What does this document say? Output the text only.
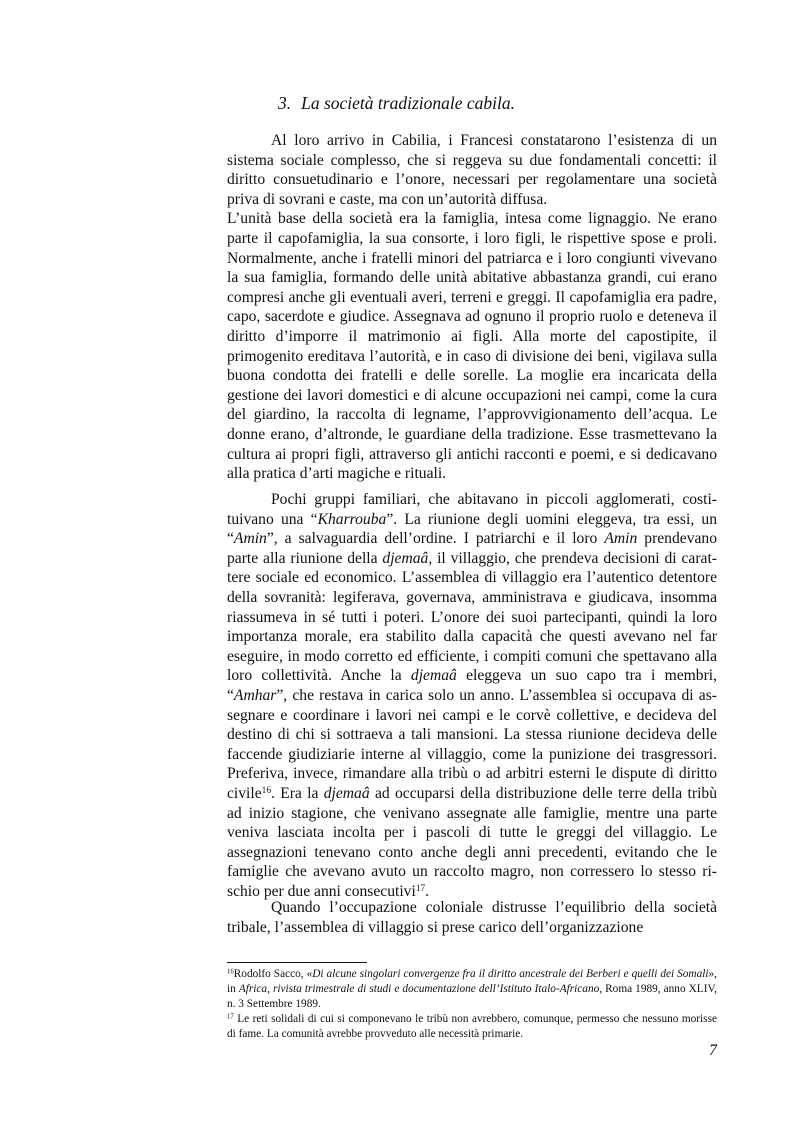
3. La società tradizionale cabila.

Al loro arrivo in Cabilia, i Francesi constatarono l’esistenza di un sistema sociale complesso, che si reggeva su due fondamentali concetti: il diritto consuetudinario e l’onore, necessari per regolamentare una società priva di sovrani e caste, ma con un’autorità diffusa.

L’unità base della società era la famiglia, intesa come lignaggio. Ne erano parte il capofamiglia, la sua consorte, i loro figli, le rispettive spose e proli. Normalmente, anche i fratelli minori del patriarca e i loro congiunti vivevano la sua famiglia, formando delle unità abitative abbastanza grandi, cui erano compresi anche gli eventuali averi, terreni e greggi. Il capofamiglia era padre, capo, sacerdote e giudice. Assegnava ad ognuno il proprio ruolo e deteneva il diritto d’imporre il matrimonio ai figli. Alla morte del capostipite, il primogenito ereditava l’autorità, e in caso di divisione dei beni, vigilava sulla buona condotta dei fratelli e delle sorelle. La moglie era incaricata della gestione dei lavori domestici e di alcune occupazioni nei campi, come la cura del giardino, la raccolta di legname, l’approvvigionamento dell’acqua. Le donne erano, d’altronde, le guardiane della tradizione. Esse trasmettevano la cultura ai propri figli, attraverso gli antichi racconti e poemi, e si dedicavano alla pratica d’arti magiche e rituali.

Pochi gruppi familiari, che abitavano in piccoli agglomerati, costituivano una “Kharrouba”. La riunione degli uomini eleggeva, tra essi, un “Amin”, a salvaguardia dell’ordine. I patriarchi e il loro Amin prendevano parte alla riunione della djemaâ, il villaggio, che prendeva decisioni di carattere sociale ed economico. L’assemblea di villaggio era l’autentico detentore della sovranità: legiferava, governava, amministrava e giudicava, insomma riassumeva in sé tutti i poteri. L’onore dei suoi partecipanti, quindi la loro importanza morale, era stabilito dalla capacità che questi avevano nel far eseguire, in modo corretto ed efficiente, i compiti comuni che spettavano alla loro collettività. Anche la djemaâ eleggeva un suo capo tra i membri, “Amhar”, che restava in carica solo un anno. L’assemblea si occupava di assegnare e coordinare i lavori nei campi e le corvè collettive, e decideva del destino di chi si sottraeva a tali mansioni. La stessa riunione decideva delle faccende giudiziarie interne al villaggio, come la punizione dei trasgressori. Preferiva, invece, rimandare alla tribù o ad arbitri esterni le dispute di diritto civile$^{16}$. Era la djemaâ ad occuparsi della distribuzione delle terre della tribù ad inizio stagione, che venivano assegnate alle famiglie, mentre una parte veniva lasciata incolta per i pascoli di tutte le greggi del villaggio. Le assegnazioni tenevano conto anche degli anni precedenti, evitando che le famiglie che avevano avuto un raccolto magro, non corressero lo stesso rischio per due anni consecutivi$^{17}$.

Quando l’occupazione coloniale distrusse l’equilibrio della società tribale, l’assemblea di villaggio si prese carico dell’organizzazione

$^{16}$Rodolfo Sacco, «Di alcune singolari convergenze fra il diritto ancestrale dei Berberi e quelli dei Somali», in Africa, rivista trimestrale di studi e documentazione dell’Istituto Italo-Africano, Roma 1989, anno XLIV, n. 3 Settembre 1989.

$^{17}$ Le reti solidali di cui si componevano le tribù non avrebbero, comunque, permesso che nessuno morisse di fame. La comunità avrebbe provveduto alle necessità primarie.

7
